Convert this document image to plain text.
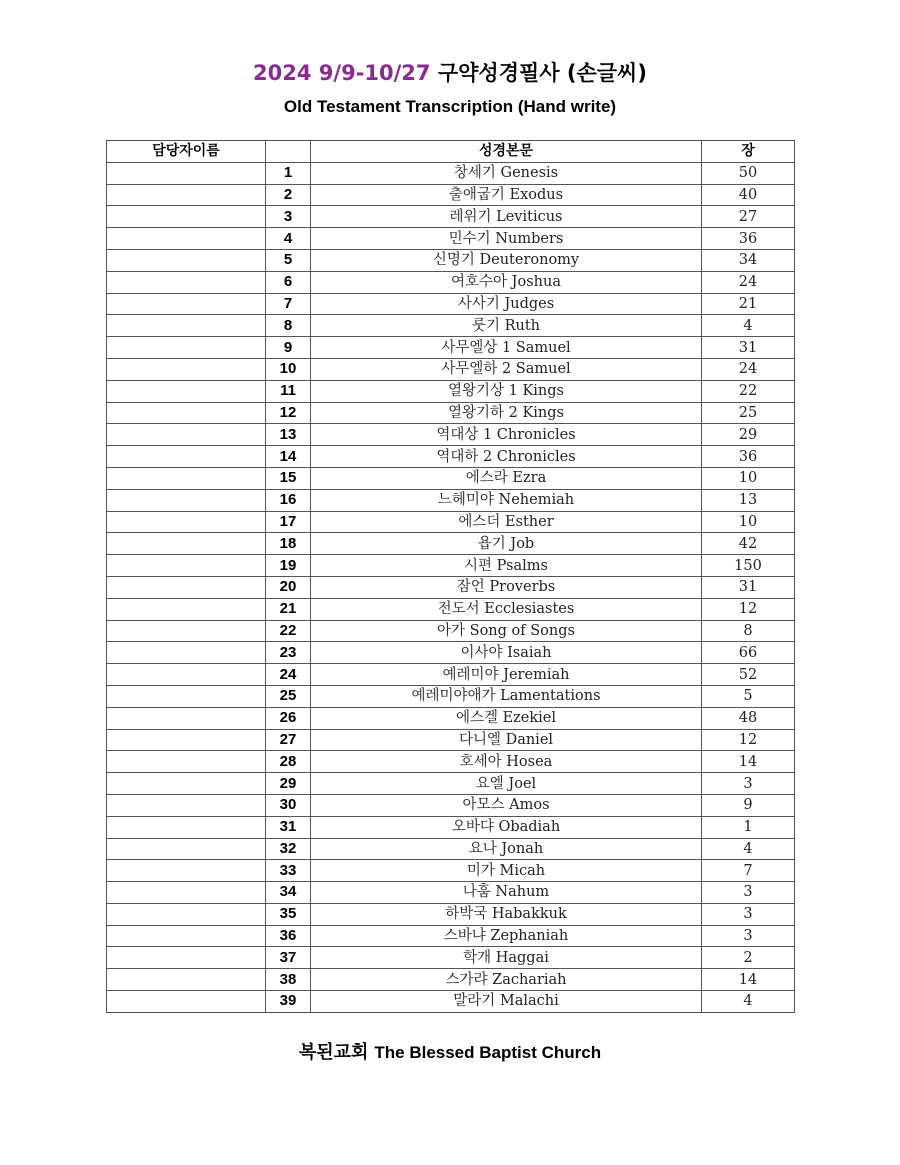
2024 9/9-10/27 구약성경필사 (손글씨)
Old Testament Transcription (Hand write)
담당자이름		성경본문	장
	1	창세기 Genesis	50
	2	출애굽기 Exodus	40
	3	레위기 Leviticus	27
	4	민수기 Numbers	36
	5	신명기 Deuteronomy	34
	6	여호수아 Joshua	24
	7	사사기 Judges	21
	8	룻기 Ruth	4
	9	사무엘상 1 Samuel	31
	10	사무엘하 2 Samuel	24
	11	열왕기상 1 Kings	22
	12	열왕기하 2 Kings	25
	13	역대상 1 Chronicles	29
	14	역대하 2 Chronicles	36
	15	에스라 Ezra	10
	16	느헤미야 Nehemiah	13
	17	에스더 Esther	10
	18	욥기 Job	42
	19	시편 Psalms	150
	20	잠언 Proverbs	31
	21	전도서 Ecclesiastes	12
	22	아가 Song of Songs	8
	23	이사야 Isaiah	66
	24	예레미야 Jeremiah	52
	25	예레미야애가 Lamentations	5
	26	에스겔 Ezekiel	48
	27	다니엘 Daniel	12
	28	호세아 Hosea	14
	29	요엘 Joel	3
	30	아모스 Amos	9
	31	오바댜 Obadiah	1
	32	요나 Jonah	4
	33	미가 Micah	7
	34	나훔 Nahum	3
	35	하박국 Habakkuk	3
	36	스바냐 Zephaniah	3
	37	학개 Haggai	2
	38	스가랴 Zachariah	14
	39	말라기 Malachi	4
복된교회 The Blessed Baptist Church
